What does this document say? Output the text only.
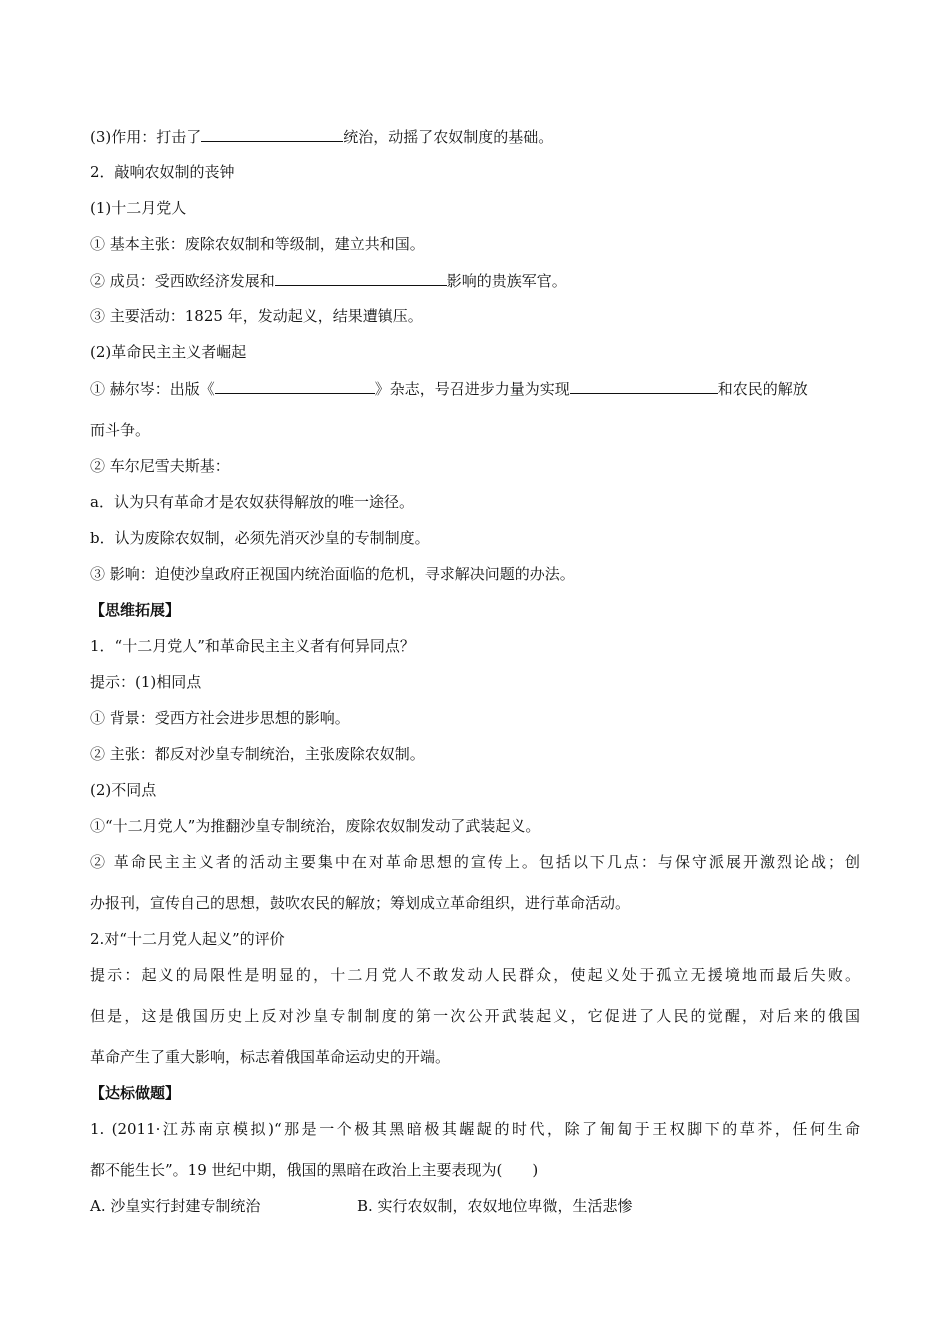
(3)作用：打击了	统治，动摇了农奴制度的基础。
2．敲响农奴制的丧钟
(1)十二月党人
① 基本主张：废除农奴制和等级制，建立共和国。
② 成员：受西欧经济发展和	影响的贵族军官。
③ 主要活动：1825 年，发动起义，结果遭镇压。
(2)革命民主主义者崛起
① 赫尔岑：出版《	》杂志，号召进步力量为实现	和农民的解放
而斗争。
② 车尔尼雪夫斯基：
a．认为只有革命才是农奴获得解放的唯一途径。
b．认为废除农奴制，必须先消灭沙皇的专制制度。
③ 影响：迫使沙皇政府正视国内统治面临的危机，寻求解决问题的办法。
【思维拓展】
1．“十二月党人”和革命民主主义者有何异同点？
提示：(1)相同点
① 背景：受西方社会进步思想的影响。
② 主张：都反对沙皇专制统治，主张废除农奴制。
(2)不同点
①“十二月党人”为推翻沙皇专制统治，废除农奴制发动了武装起义。
② 革命民主主义者的活动主要集中在对革命思想的宣传上。包括以下几点：与保守派展开激烈论战；创
办报刊，宣传自己的思想，鼓吹农民的解放；筹划成立革命组织，进行革命活动。
2.对“十二月党人起义”的评价
提示：起义的局限性是明显的，十二月党人不敢发动人民群众，使起义处于孤立无援境地而最后失败。
但是，这是俄国历史上反对沙皇专制制度的第一次公开武装起义，它促进了人民的觉醒，对后来的俄国
革命产生了重大影响，标志着俄国革命运动史的开端。
【达标做题】
1. (2011·江苏南京模拟)“那是一个极其黑暗极其龌龊的时代，除了匍匐于王权脚下的草芥，任何生命
都不能生长”。19 世纪中期，俄国的黑暗在政治上主要表现为(　　)
A. 沙皇实行封建专制统治	B. 实行农奴制，农奴地位卑微，生活悲惨
